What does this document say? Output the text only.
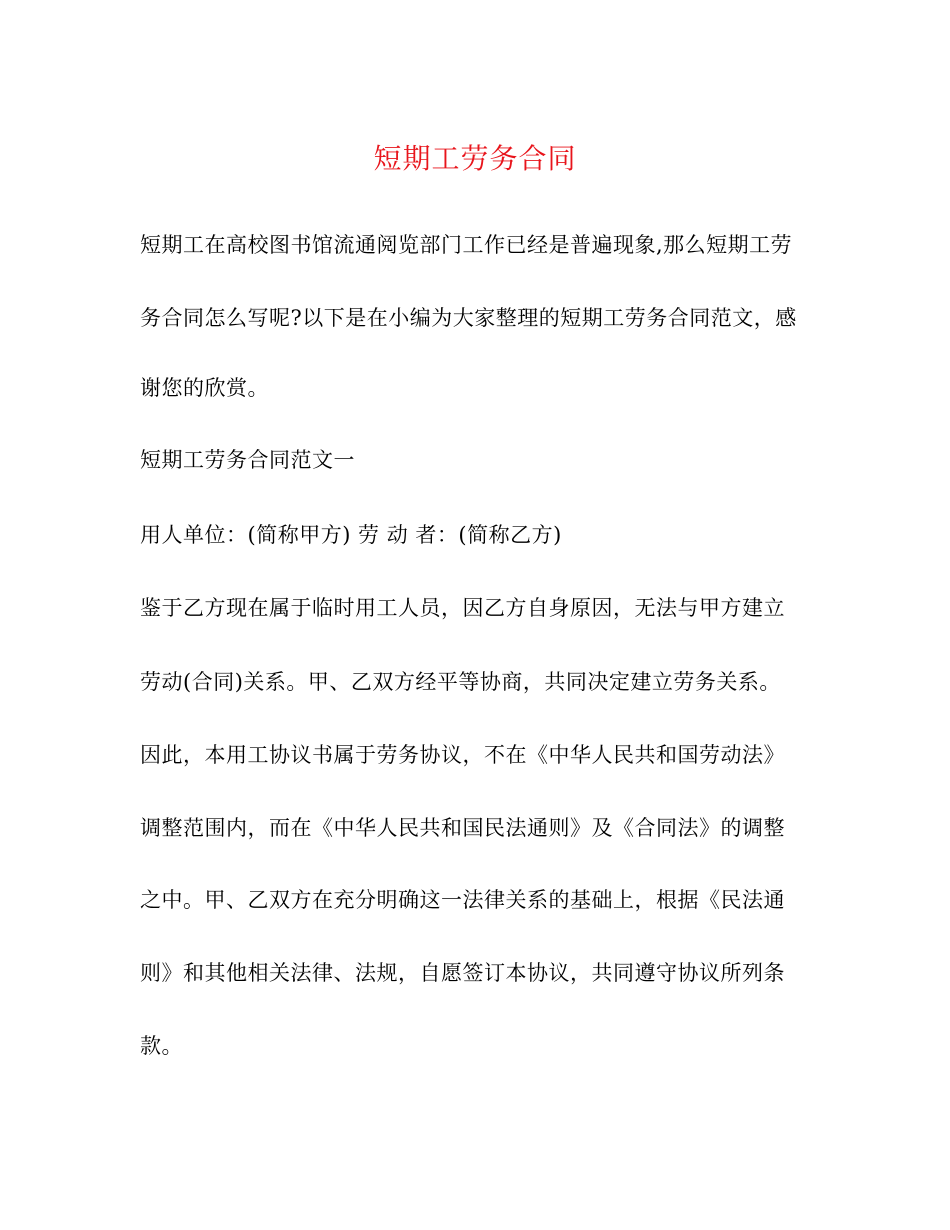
短期工劳务合同
短期工在高校图书馆流通阅览部门工作已经是普遍现象,那么短期工劳
务合同怎么写呢?以下是在小编为大家整理的短期工劳务合同范文，感
谢您的欣赏。
短期工劳务合同范文一
用人单位：(简称甲方) 劳 动 者：(简称乙方)
鉴于乙方现在属于临时用工人员，因乙方自身原因，无法与甲方建立
劳动(合同)关系。甲、乙双方经平等协商，共同决定建立劳务关系。
因此，本用工协议书属于劳务协议，不在《中华人民共和国劳动法》
调整范围内，而在《中华人民共和国民法通则》及《合同法》的调整
之中。甲、乙双方在充分明确这一法律关系的基础上，根据《民法通
则》和其他相关法律、法规，自愿签订本协议，共同遵守协议所列条
款。
